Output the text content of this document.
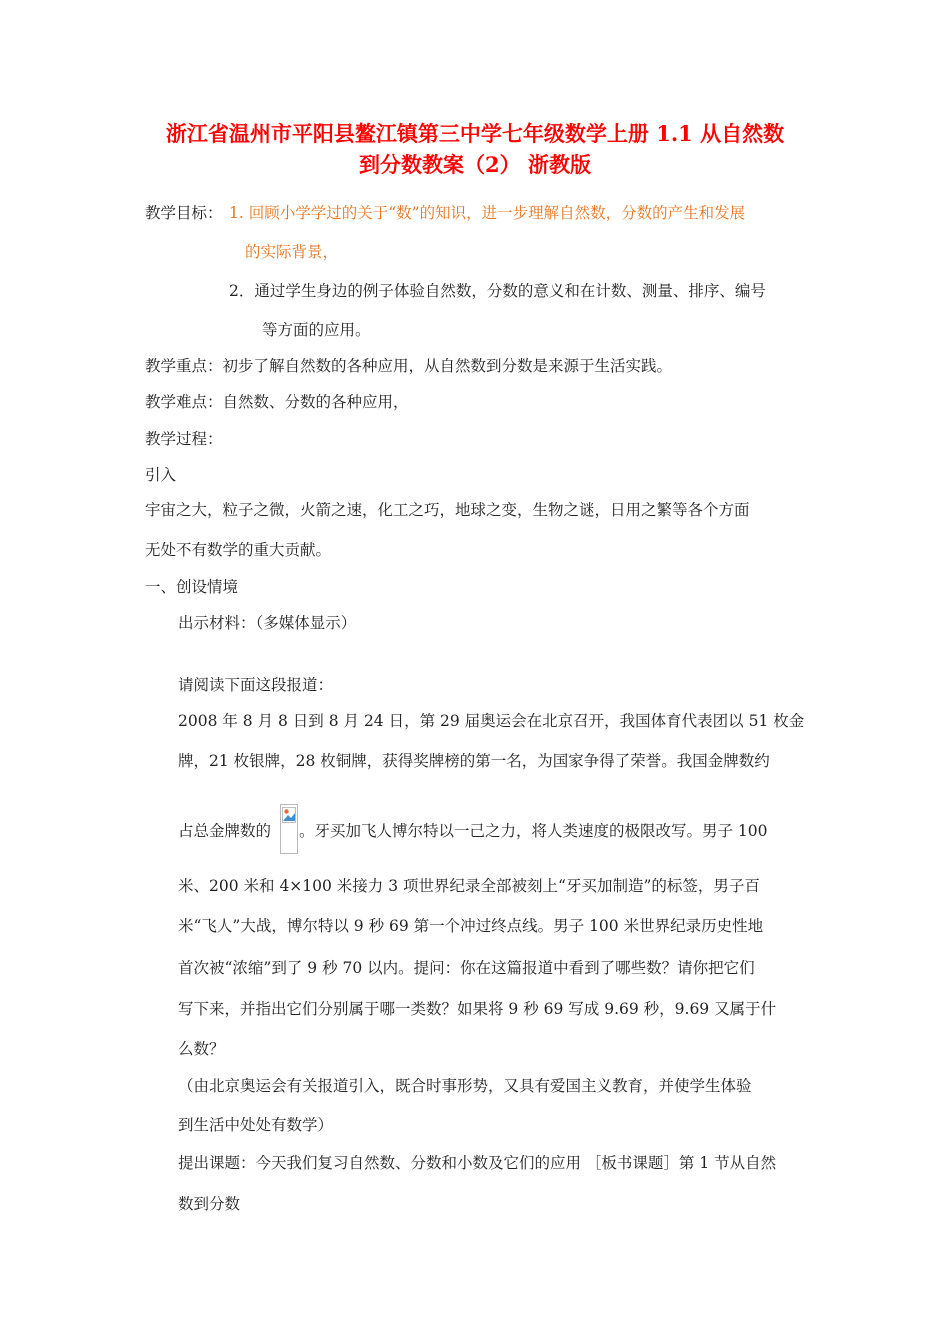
浙江省温州市平阳县鳌江镇第三中学七年级数学上册 1.1 从自然数
到分数教案（2） 浙教版
教学目标： 1. 回顾小学学过的关于“数”的知识，进一步理解自然数，分数的产生和发展
的实际背景，
2．通过学生身边的例子体验自然数，分数的意义和在计数、测量、排序、编号
等方面的应用。
教学重点：初步了解自然数的各种应用，从自然数到分数是来源于生活实践。
教学难点：自然数、分数的各种应用，
教学过程：
引入
宇宙之大，粒子之微，火箭之速，化工之巧，地球之变，生物之谜，日用之繁等各个方面
无处不有数学的重大贡献。
一、创设情境
出示材料：（多媒体显示）
请阅读下面这段报道：
2008 年 8 月 8 日到 8 月 24 日，第 29 届奥运会在北京召开，我国体育代表团以 51 枚金
牌，21 枚银牌，28 枚铜牌，获得奖牌榜的第一名，为国家争得了荣誉。我国金牌数约
占总金牌数的 。牙买加飞人博尔特以一己之力，将人类速度的极限改写。男子 100
米、200 米和 4×100 米接力 3 项世界纪录全部被刻上“牙买加制造”的标签，男子百
米“飞人”大战，博尔特以 9 秒 69 第一个冲过终点线。男子 100 米世界纪录历史性地
首次被“浓缩”到了 9 秒 70 以内。提问：你在这篇报道中看到了哪些数？请你把它们
写下来，并指出它们分别属于哪一类数？如果将 9 秒 69 写成 9.69 秒，9.69 又属于什
么数？
（由北京奥运会有关报道引入，既合时事形势，又具有爱国主义教育，并使学生体验
到生活中处处有数学）
提出课题：今天我们复习自然数、分数和小数及它们的应用 ［板书课题］第 1 节从自然
数到分数
